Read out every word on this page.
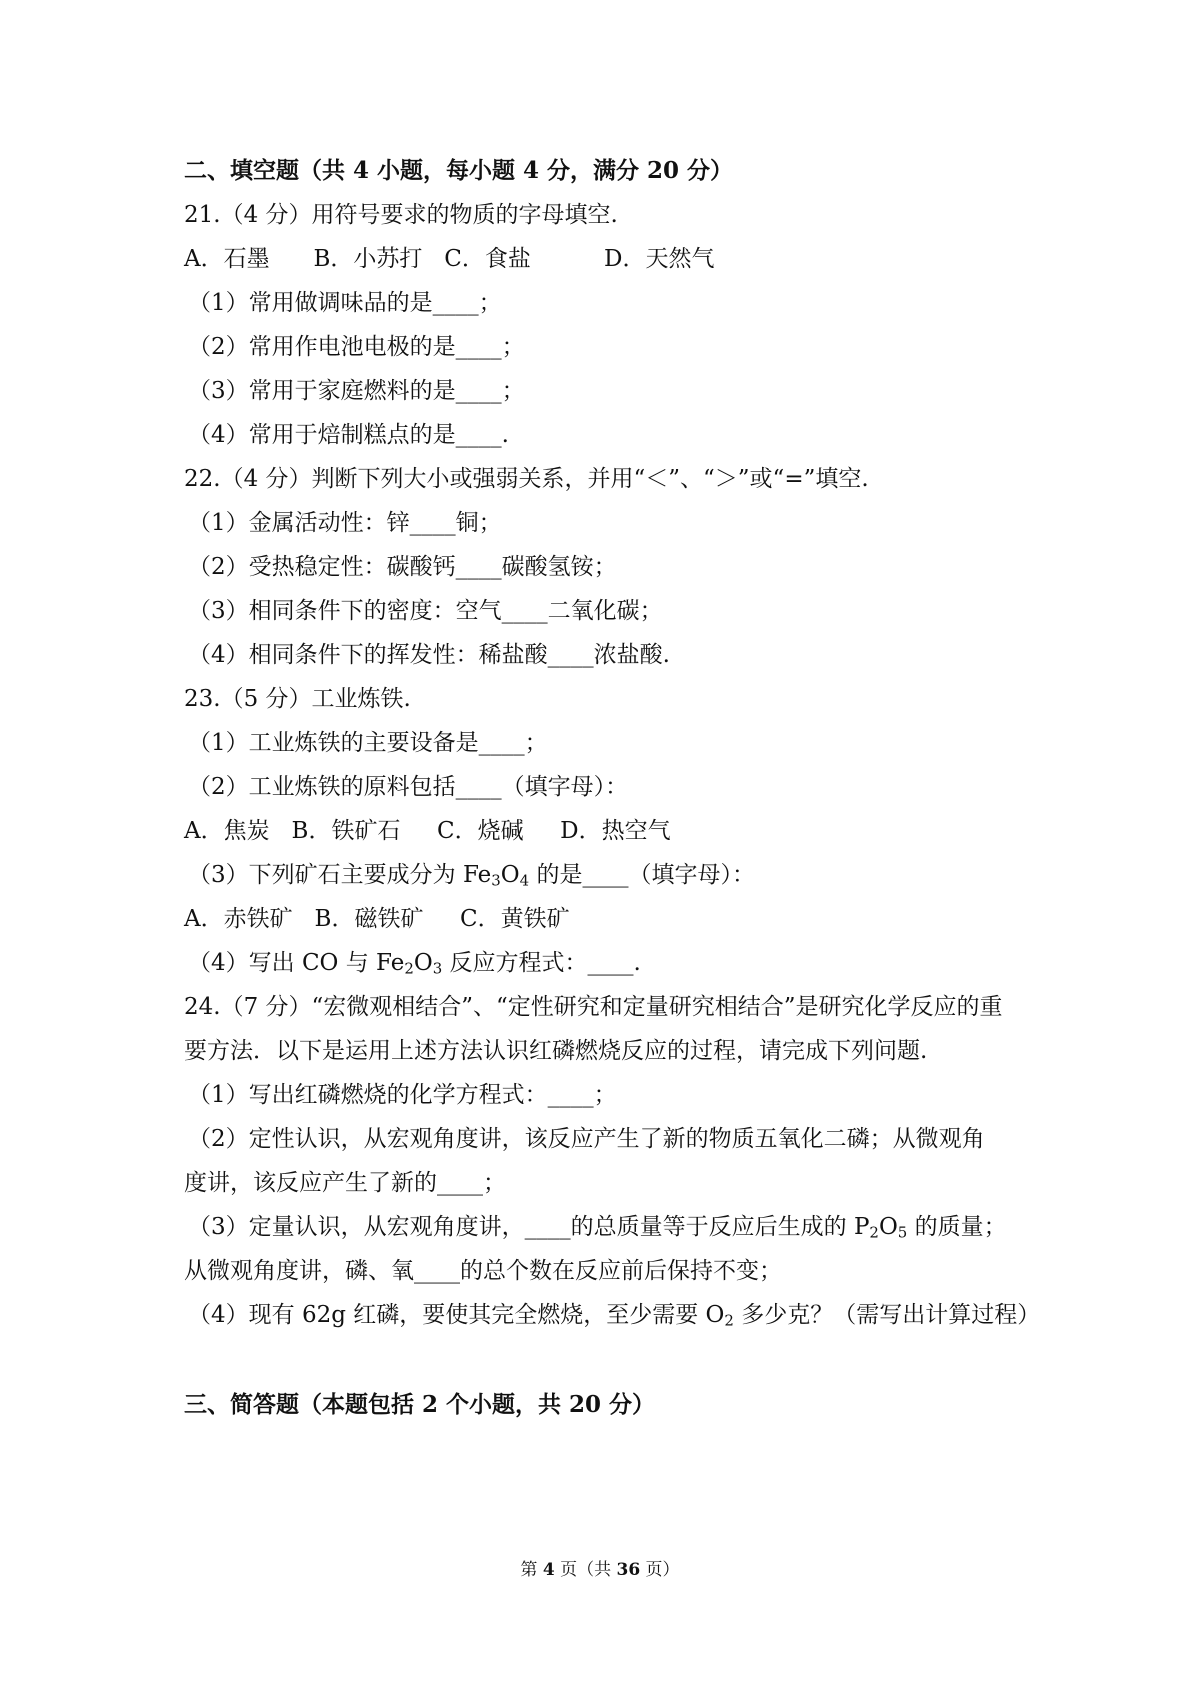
二、填空题（共 4 小题，每小题 4 分，满分 20 分）
21.（4 分）用符号要求的物质的字母填空.
A．石墨      B．小苏打   C．食盐          D．天然气
（1）常用做调味品的是____；
（2）常用作电池电极的是____；
（3）常用于家庭燃料的是____；
（4）常用于焙制糕点的是____.
22.（4 分）判断下列大小或强弱关系，并用“＜”、“＞”或“=”填空.
（1）金属活动性：锌____铜；
（2）受热稳定性：碳酸钙____碳酸氢铵；
（3）相同条件下的密度：空气____二氧化碳；
（4）相同条件下的挥发性：稀盐酸____浓盐酸.
23.（5 分）工业炼铁.
（1）工业炼铁的主要设备是____；
（2）工业炼铁的原料包括____（填字母）：
A．焦炭   B．铁矿石     C．烧碱     D．热空气
（3）下列矿石主要成分为 $Fe_3O_4$ 的是____（填字母）：
A．赤铁矿   B．磁铁矿     C．黄铁矿
（4）写出 CO 与 $Fe_2O_3$ 反应方程式：____.
24.（7 分）“宏微观相结合”、“定性研究和定量研究相结合”是研究化学反应的重
要方法．以下是运用上述方法认识红磷燃烧反应的过程，请完成下列问题.
（1）写出红磷燃烧的化学方程式：____；
（2）定性认识，从宏观角度讲，该反应产生了新的物质五氧化二磷；从微观角
度讲，该反应产生了新的____；
（3）定量认识，从宏观角度讲，____的总质量等于反应后生成的 $P_2O_5$ 的质量；
从微观角度讲，磷、氧____的总个数在反应前后保持不变；
（4）现有 62g 红磷，要使其完全燃烧，至少需要 $O_2$ 多少克？（需写出计算过程）
三、简答题（本题包括 2 个小题，共 20 分）
第 4 页（共 36 页）
